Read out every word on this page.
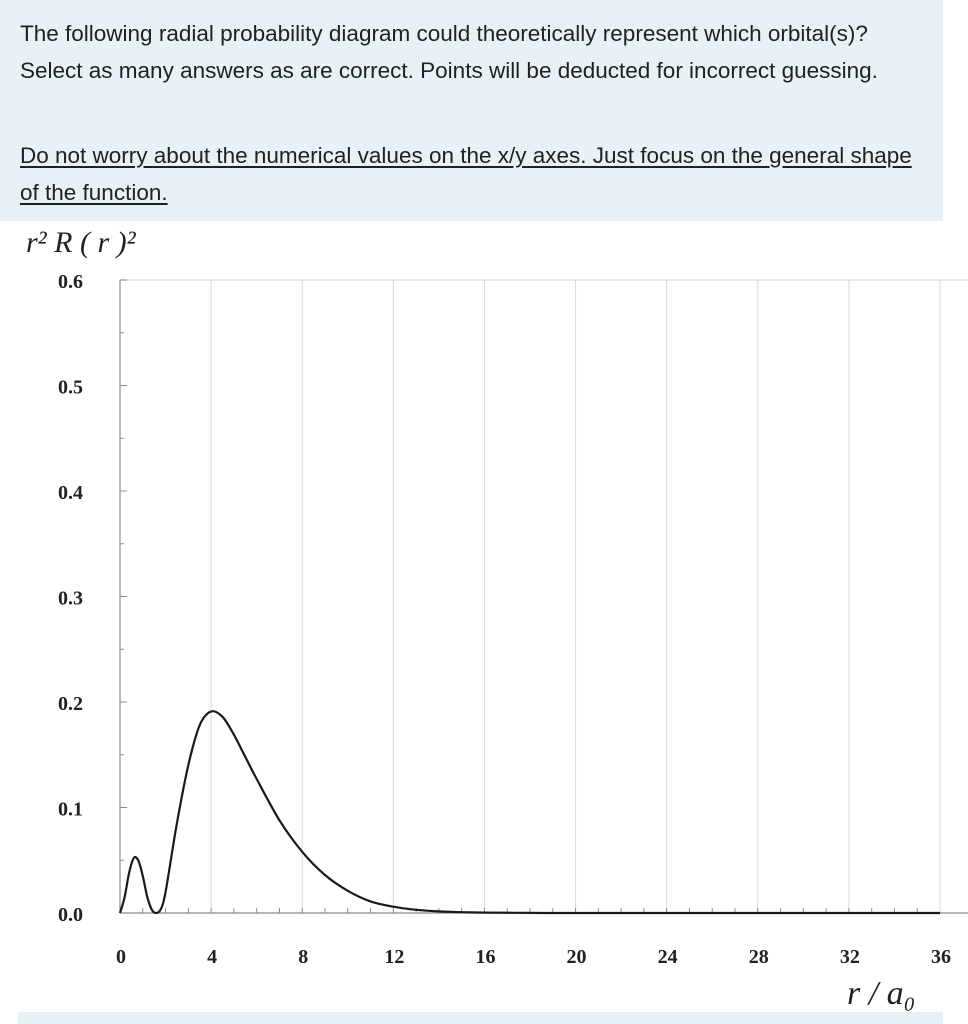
The following radial probability diagram could theoretically represent which orbital(s)? Select as many answers as are correct. Points will be deducted for incorrect guessing.
Do not worry about the numerical values on the x/y axes. Just focus on the general shape of the function.
0.0
0.1
0.2
0.3
0.4
0.5
0.6
0	4	8	12	16	20	24	28	32	36
r² R ( r )²
r / a₀
